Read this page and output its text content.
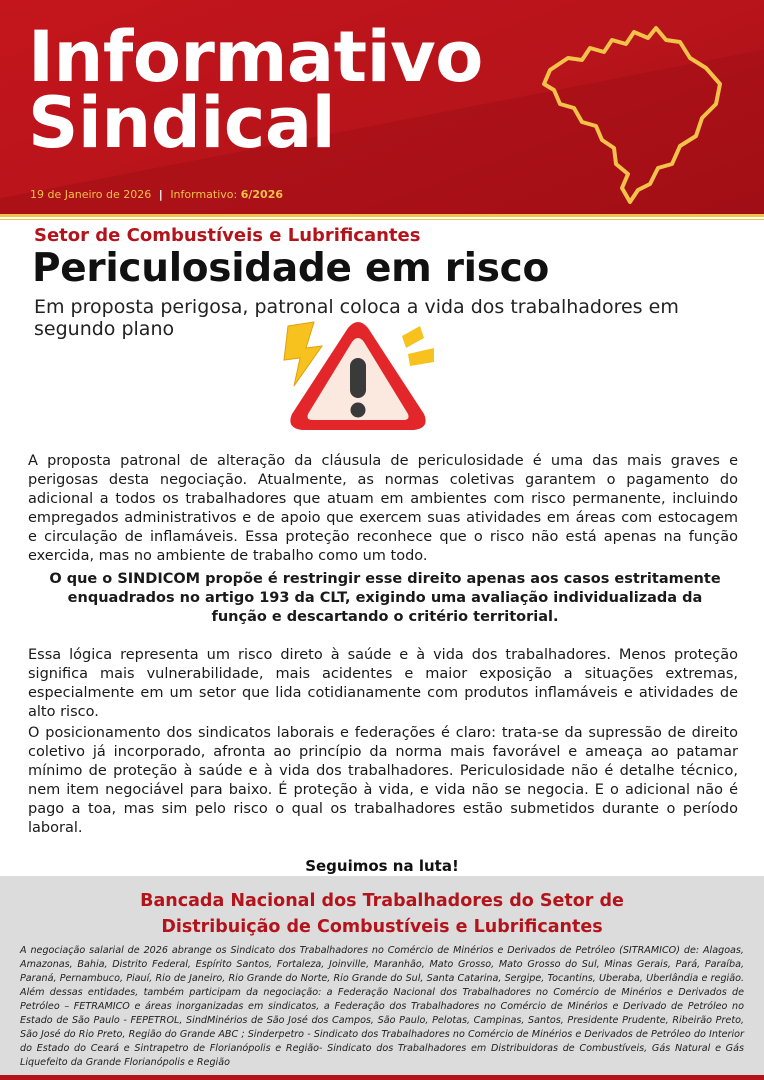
Informativo
Sindical
19 de Janeiro de 2026 | Informativo: 6/2026
Setor de Combustíveis e Lubrificantes
Periculosidade em risco
Em proposta perigosa, patronal coloca a vida dos trabalhadores em segundo plano
A proposta patronal de alteração da cláusula de periculosidade é uma das mais graves e perigosas desta negociação. Atualmente, as normas coletivas garantem o pagamento do adicional a todos os trabalhadores que atuam em ambientes com risco permanente, incluindo empregados administrativos e de apoio que exercem suas atividades em áreas com estocagem e circulação de inflamáveis. Essa proteção reconhece que o risco não está apenas na função exercida, mas no ambiente de trabalho como um todo.
O que o SINDICOM propõe é restringir esse direito apenas aos casos estritamente enquadrados no artigo 193 da CLT, exigindo uma avaliação individualizada da função e descartando o critério territorial.
Essa lógica representa um risco direto à saúde e à vida dos trabalhadores. Menos proteção significa mais vulnerabilidade, mais acidentes e maior exposição a situações extremas, especialmente em um setor que lida cotidianamente com produtos inflamáveis e atividades de alto risco.
O posicionamento dos sindicatos laborais e federações é claro: trata-se da supressão de direito coletivo já incorporado, afronta ao princípio da norma mais favorável e ameaça ao patamar mínimo de proteção à saúde e à vida dos trabalhadores. Periculosidade não é detalhe técnico, nem item negociável para baixo. É proteção à vida, e vida não se negocia. E o adicional não é pago a toa, mas sim pelo risco o qual os trabalhadores estão submetidos durante o período laboral.
Seguimos na luta!
Bancada Nacional dos Trabalhadores do Setor de
Distribuição de Combustíveis e Lubrificantes
A negociação salarial de 2026 abrange os Sindicato dos Trabalhadores no Comércio de Minérios e Derivados de Petróleo (SITRAMICO) de: Alagoas, Amazonas, Bahia, Distrito Federal, Espírito Santos, Fortaleza, Joinville, Maranhão, Mato Grosso, Mato Grosso do Sul, Minas Gerais, Pará, Paraíba, Paraná, Pernambuco, Piauí, Rio de Janeiro, Rio Grande do Norte, Rio Grande do Sul, Santa Catarina, Sergipe, Tocantins, Uberaba, Uberlândia e região. Além dessas entidades, também participam da negociação: a Federação Nacional dos Trabalhadores no Comércio de Minérios e Derivados de Petróleo – FETRAMICO e áreas inorganizadas em sindicatos, a Federação dos Trabalhadores no Comércio de Minérios e Derivado de Petróleo no Estado de São Paulo - FEPETROL, SindMinérios de São José dos Campos, São Paulo, Pelotas, Campinas, Santos, Presidente Prudente, Ribeirão Preto, São José do Rio Preto, Região do Grande ABC ; Sinderpetro - Sindicato dos Trabalhadores no Comércio de Minérios e Derivados de Petróleo do Interior do Estado do Ceará e Sintrapetro de Florianópolis e Região- Sindicato dos Trabalhadores em Distribuidoras de Combustíveis, Gás Natural e Gás Liquefeito da Grande Florianópolis e Região
